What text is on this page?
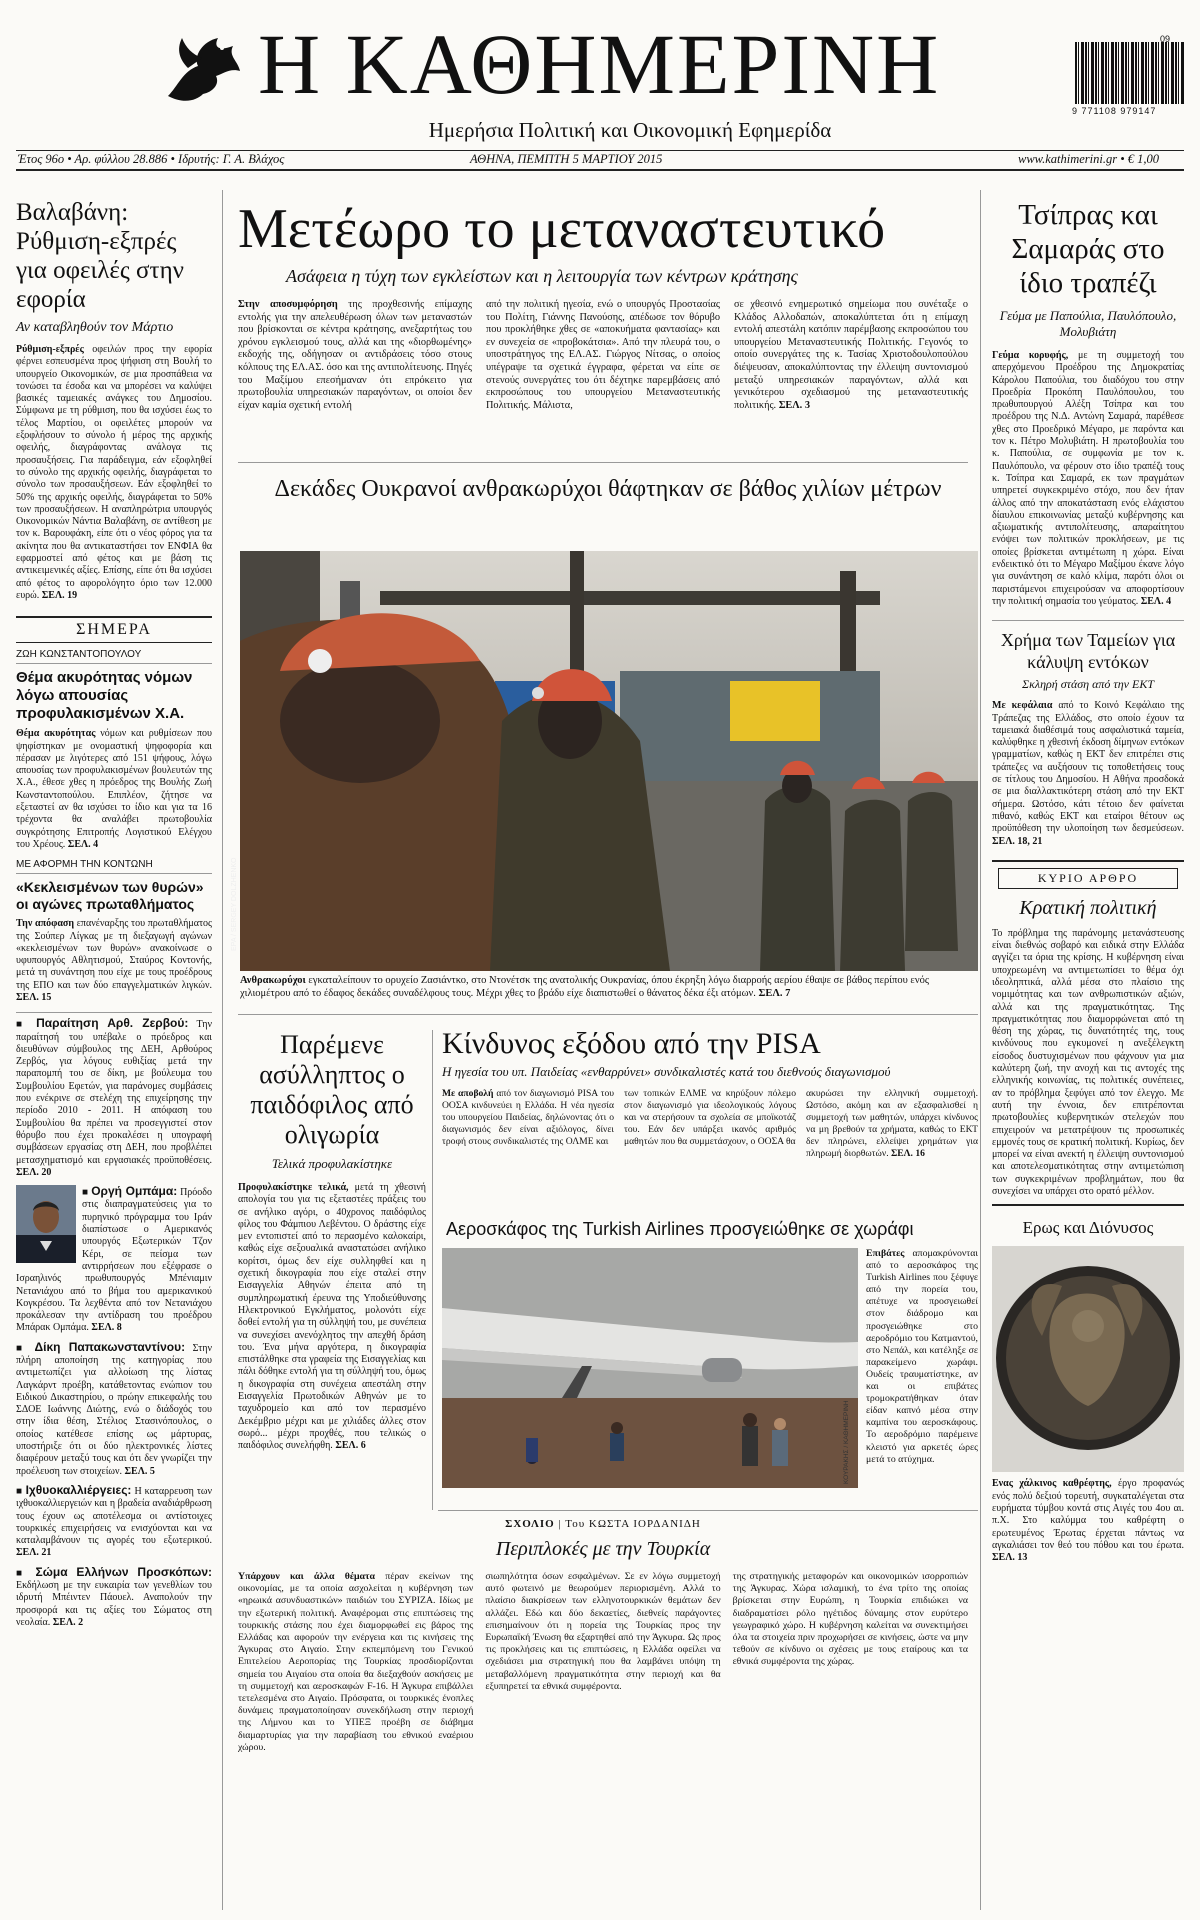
Η ΚΑΘΗΜΕΡΙΝΗ
Ημερήσια Πολιτική και Οικονομική Εφημερίδα
09
9 771108 979147
Έτος 96ο • Αρ. φύλλου 28.886 • Ιδρυτής: Γ. Α. Βλάχος	ΑΘΗΝΑ, ΠΕΜΠΤΗ 5 ΜΑΡΤΙΟΥ 2015	www.kathimerini.gr • € 1,00
Βαλαβάνη: Ρύθμιση-εξπρές για οφειλές στην εφορία
Αν καταβληθούν τον Μάρτιο

Ρύθμιση-εξπρές οφειλών προς την εφορία φέρνει εσπευσμένα προς ψήφιση στη Βουλή το υπουργείο Οικονομικών, σε μια προσπάθεια να τονώσει τα έσοδα και να μπορέσει να καλύψει βασικές ταμειακές ανάγκες του Δημοσίου. Σύμφωνα με τη ρύθμιση, που θα ισχύσει έως το τέλος Μαρτίου, οι οφειλέτες μπορούν να εξοφλήσουν το σύνολο ή μέρος της αρχικής οφειλής, διαγράφοντας ανάλογα τις προσαυξήσεις. Για παράδειγμα, εάν εξοφληθεί το σύνολο της αρχικής οφειλής, διαγράφεται το σύνολο των προσαυξήσεων. Εάν εξοφληθεί το 50% της αρχικής οφειλής, διαγράφεται το 50% των προσαυξήσεων. Η αναπληρώτρια υπουργός Οικονομικών Νάντια Βαλαβάνη, σε αντίθεση με τον κ. Βαρουφάκη, είπε ότι ο νέος φόρος για τα ακίνητα που θα αντικαταστήσει τον ΕΝΦΙΑ θα εφαρμοστεί από φέτος και με βάση τις αντικειμενικές αξίες. Επίσης, είπε ότι θα ισχύσει από φέτος το αφορολόγητο όριο των 12.000 ευρώ. ΣΕΛ. 19

ΣΗΜΕΡΑ
ΖΩΗ ΚΩΝΣΤΑΝΤΟΠΟΥΛΟΥ
Θέμα ακυρότητας νόμων λόγω απουσίας προφυλακισμένων Χ.Α.

Θέμα ακυρότητας νόμων και ρυθμίσεων που ψηφίστηκαν με ονομαστική ψηφοφορία και πέρασαν με λιγότερες από 151 ψήφους, λόγω απουσίας των προφυλακισμένων βουλευτών της Χ.Α., έθεσε χθες η πρόεδρος της Βουλής Ζωή Κωνσταντοπούλου. Επιπλέον, ζήτησε να εξεταστεί αν θα ισχύσει το ίδιο και για τα 16 τρέχοντα θα αναλάβει πρωτοβουλία συγκρότησης Επιτροπής Λογιστικού Ελέγχου του Χρέους. ΣΕΛ. 4

ΜΕ ΑΦΟΡΜΗ ΤΗΝ ΚΟΝΤΩΝΗ
«Κεκλεισμένων των θυρών» οι αγώνες πρωταθλήματος

Την απόφαση επανέναρξης του πρωταθλήματος της Σούπερ Λίγκας με τη διεξαγωγή αγώνων «κεκλεισμένων των θυρών» ανακοίνωσε ο υφυπουργός Αθλητισμού, Σταύρος Κοντονής, μετά τη συνάντηση που είχε με τους προέδρους της ΕΠΟ και των δύο επαγγελματικών λιγκών. ΣΕΛ. 15

■ Παραίτηση Αρθ. Ζερβού: Την παραίτησή του υπέβαλε ο πρόεδρος και διευθύνων σύμβουλος της ΔΕΗ, Αρθούρος Ζερβός, για λόγους ευθιξίας μετά την παραπομπή του σε δίκη, με βούλευμα του Συμβουλίου Εφετών, για παράνομες συμβάσεις που ενέκρινε σε στελέχη της επιχείρησης την περίοδο 2010 - 2011. Η απόφαση του Συμβουλίου θα πρέπει να προσεγγιστεί στον θόρυβο που έχει προκαλέσει η υπογραφή συμβάσεων εργασίας στη ΔΕΗ, που προβλέπει μετασχηματισμό και εργασιακές προϋποθέσεις. ΣΕΛ. 20

■ Οργή Ομπάμα: Πρόοδο στις διαπραγματεύσεις για το πυρηνικό πρόγραμμα του Ιράν διαπίστωσε ο Αμερικανός υπουργός Εξωτερικών Τζον Κέρι, σε πείσμα των αντιρρήσεων που εξέφρασε ο Ισραηλινός πρωθυπουργός Μπένιαμιν Νετανιάχου από το βήμα του αμερικανικού Κογκρέσου. Τα λεχθέντα από τον Νετανιάχου προκάλεσαν την αντίδραση του προέδρου Μπάρακ Ομπάμα. ΣΕΛ. 8

■ Δίκη Παπακωνσταντίνου: Στην πλήρη αποποίηση της κατηγορίας που αντιμετωπίζει για αλλοίωση της λίστας Λαγκάρντ προέβη, κατάθετοντας ενώπιον του Ειδικού Δικαστηρίου, ο πρώην επικεφαλής του ΣΔΟΕ Ιωάννης Διώτης, ενώ ο διάδοχός του στην ίδια θέση, Στέλιος Στασινόπουλος, ο οποίος κατέθεσε επίσης ως μάρτυρας, υποστήριξε ότι οι δύο ηλεκτρονικές λίστες διαφέρουν μεταξύ τους και ότι δεν γνωρίζει την προέλευση των στοιχείων. ΣΕΛ. 5

■ Ιχθυοκαλλιέργειες: Η καταρρευση των ιχθυοκαλλιεργειών και η βραδεία αναδιάρθρωση τους έχουν ως αποτέλεσμα οι αντίστοιχες τουρκικές επιχειρήσεις να ενισχύονται και να καταλαμβάνουν τις αγορές του εξωτερικού. ΣΕΛ. 21

■ Σώμα Ελλήνων Προσκόπων: Εκδήλωση με την ευκαιρία των γενεθλίων του ιδρυτή Μπέιντεν Πάουελ. Αναπολούν την προσφορά και τις αξίες του Σώματος στη νεολαία. ΣΕΛ. 2

Μετέωρο το μεταναστευτικό
Ασάφεια η τύχη των εγκλείστων και η λειτουργία των κέντρων κράτησης

Στην αποσυμφόρηση της προχθεσινής επίμαχης εντολής για την απελευθέρωση όλων των μεταναστών που βρίσκονται σε κέντρα κράτησης, ανεξαρτήτως του χρόνου εγκλεισμού τους, αλλά και της «διορθωμένης» εκδοχής της, οδήγησαν οι αντιδράσεις τόσο στους κόλπους της ΕΛ.ΑΣ. όσο και της αντιπολίτευσης. Πηγές του Μαξίμου επεσήμαναν ότι επρόκειτο για πρωτοβουλία υπηρεσιακών παραγόντων, οι οποίοι δεν είχαν καμία σχετική εντολή

από την πολιτική ηγεσία, ενώ ο υπουργός Προστασίας του Πολίτη, Γιάννης Πανούσης, απέδωσε τον θόρυβο που προκλήθηκε χθες σε «αποκυήματα φαντασίας» και εν συνεχεία σε «προβοκάτσια». Από την πλευρά του, ο υποστράτηγος της ΕΛ.ΑΣ. Γιώργος Νίτσας, ο οποίος υπέγραψε τα σχετικά έγγραφα, φέρεται να είπε σε στενούς συνεργάτες του ότι δέχτηκε παρεμβάσεις από εκπροσώπους του υπουργείου Μεταναστευτικής Πολιτικής. Μάλιστα,

σε χθεσινό ενημερωτικό σημείωμα που συνέταξε ο Κλάδος Αλλοδαπών, αποκαλύπτεται ότι η επίμαχη εντολή απεστάλη κατόπιν παρέμβασης εκπροσώπου του υπουργείου Μεταναστευτικής Πολιτικής. Γεγονός το οποίο συνεργάτες της κ. Τασίας Χριστοδουλοπούλου διέψευσαν, αποκαλύπτοντας την έλλειψη συντονισμού μεταξύ υπηρεσιακών παραγόντων, αλλά και γενικότερου σχεδιασμού της μεταναστευτικής πολιτικής. ΣΕΛ. 3

Δεκάδες Ουκρανοί ανθρακωρύχοι θάφτηκαν σε βάθος χιλίων μέτρων
EPA / SERGEY DOLZHENKO

Ανθρακωρύχοι εγκαταλείπουν το ορυχείο Ζασιάντκο, στο Ντονέτσκ της ανατολικής Ουκρανίας, όπου έκρηξη λόγω διαρροής αερίου έθαψε σε βάθος περίπου ενός χιλιομέτρου από το έδαφος δεκάδες συναδέλφους τους. Μέχρι χθες το βράδυ είχε διαπιστωθεί ο θάνατος δέκα έξι ατόμων. ΣΕΛ. 7

Παρέμενε ασύλληπτος ο παιδόφιλος από ολιγωρία
Τελικά προφυλακίστηκε

Προφυλακίστηκε τελικά, μετά τη χθεσινή απολογία του για τις εξεταστέες πράξεις του σε ανήλικο αγόρι, ο 40χρονος παιδόφιλος φίλος του Φάμπιου Λεβέντου. Ο δράστης είχε μεν εντοπιστεί από το περασμένο καλοκαίρι, καθώς είχε σεξουαλικά αναστατώσει ανήλικο κορίτσι, όμως δεν είχε συλληφθεί και η σχετική δικογραφία που είχε σταλεί στην Εισαγγελία Αθηνών έπειτα από τη συμπληρωματική έρευνα της Υποδιεύθυνσης Ηλεκτρονικού Εγκλήματος, μολονότι είχε δοθεί εντολή για τη σύλληψή του, με συνέπεια να συνεχίσει ανενόχλητος την απεχθή δράση του. Ένα μήνα αργότερα, η δικογραφία επιστάλθηκε στα γραφεία της Εισαγγελίας και πάλι δόθηκε εντολή για τη σύλληψή του, όμως η δικογραφία στη συνέχεια απεστάλη στην Εισαγγελία Πρωτοδικών Αθηνών με το ταχυδρομείο και από τον περασμένο Δεκέμβριο μέχρι και με χιλιάδες άλλες στον σωρό... μέχρι προχθές, που τελικώς ο παιδόφιλος συνελήφθη. ΣΕΛ. 6

Κίνδυνος εξόδου από την PISA
Η ηγεσία του υπ. Παιδείας «ενθαρρύνει» συνδικαλιστές κατά του διεθνούς διαγωνισμού

Με αποβολή από τον διαγωνισμό PISA του ΟΟΣΑ κινδυνεύει η Ελλάδα. Η νέα ηγεσία του υπουργείου Παιδείας, δηλώνοντας ότι ο διαγωνισμός δεν είναι αξιόλογος, δίνει τροφή στους συνδικαλιστές της ΟΛΜΕ και

των τοπικών ΕΛΜΕ να κηρύξουν πόλεμο στον διαγωνισμό για ιδεολογικούς λόγους και να στερήσουν τα σχολεία σε μποϊκοτάζ του. Εάν δεν υπάρξει ικανός αριθμός μαθητών που θα συμμετάσχουν, ο ΟΟΣΑ θα

ακυρώσει την ελληνική συμμετοχή. Ωστόσο, ακόμη και αν εξασφαλισθεί η συμμετοχή των μαθητών, υπάρχει κίνδυνος να μη βρεθούν τα χρήματα, καθώς το ΕΚΤ δεν πληρώνει, ελλείψει χρημάτων για πληρωμή διορθωτών. ΣΕΛ. 16

Αεροσκάφος της Turkish Airlines προσγειώθηκε σε χωράφι
ΚΟΥΡΑΚΗΣ / ΚΑΘΗΜΕΡΙΝΗ

Επιβάτες απομακρύνονται από το αεροσκάφος της Turkish Airlines που ξέφυγε από την πορεία του, απέτυχε να προσγειωθεί στον διάδρομο και προσγειώθηκε στο αεροδρόμιο του Κατμαντού, στο Νεπάλ, και κατέληξε σε παρακείμενο χωράφι. Ουδείς τραυματίστηκε, αν και οι επιβάτες τρομοκρατήθηκαν όταν είδαν καπνό μέσα στην καμπίνα του αεροσκάφους. Το αεροδρόμιο παρέμεινε κλειστό για αρκετές ώρες μετά το ατύχημα.

ΣΧΟΛΙΟ | Του ΚΩΣΤΑ ΙΟΡΔΑΝΙΔΗ
Περιπλοκές με την Τουρκία

Υπάρχουν και άλλα θέματα πέραν εκείνων της οικονομίας, με τα οποία ασχολείται η κυβέρνηση των «ηρωικά ασυνδυαστικών» παιδιών του ΣΥΡΙΖΑ. Ιδίως με την εξωτερική πολιτική. Αναφέρομαι στις επιπτώσεις της τουρκικής στάσης που έχει διαμορφωθεί εις βάρος της Ελλάδας και αφορούν την ενέργεια και τις κινήσεις της Άγκυρας στο Αιγαίο. Στην εκπεμπόμενη του Γενικού Επιτελείου Αεροπορίας της Τουρκίας προσδιορίζονται σημεία του Αιγαίου στα οποία θα διεξαχθούν ασκήσεις με τη συμμετοχή και αεροσκαφών F-16. Η Άγκυρα επιβάλλει τετελεσμένα στο Αιγαίο. Πρόσφατα, οι τουρκικές ένοπλες δυνάμεις πραγματοποίησαν συνεκδήλωση στην περιοχή της Λήμνου και το ΥΠΕΞ προέβη σε διάβημα διαμαρτυρίας για την παραβίαση του εθνικού εναέριου χώρου.

σιωπηλότητα όσων εσφαλμένων. Σε εν λόγω συμμετοχή αυτό φωτεινό με θεωρούμεν περιορισμένη. Αλλά το πλαίσιο διακρίσεων των ελληνοτουρκικών θεμάτων δεν αλλάζει. Εδώ και δύο δεκαετίες, διεθνείς παράγοντες επισημαίνουν ότι η πορεία της Τουρκίας προς την Ευρωπαϊκή Ένωση θα εξαρτηθεί από την Άγκυρα. Ως προς τις προκλήσεις και τις επιπτώσεις, η Ελλάδα οφείλει να σχεδιάσει μια στρατηγική που θα λαμβάνει υπόψη τη μεταβαλλόμενη πραγματικότητα στην περιοχή και θα εξυπηρετεί τα εθνικά συμφέροντα.

της στρατηγικής μεταφορών και οικονομικών ισορροπιών της Άγκυρας. Χώρα ισλαμική, το ένα τρίτο της οποίας βρίσκεται στην Ευρώπη, η Τουρκία επιδιώκει να διαδραματίσει ρόλο ηγέτιδος δύναμης στον ευρύτερο γεωγραφικό χώρο. Η κυβέρνηση καλείται να συνεκτιμήσει όλα τα στοιχεία πριν προχωρήσει σε κινήσεις, ώστε να μην τεθούν σε κίνδυνο οι σχέσεις με τους εταίρους και τα εθνικά συμφέροντα της χώρας.

Τσίπρας και Σαμαράς στο ίδιο τραπέζι
Γεύμα με Παπούλια, Παυλόπουλο, Μολυβιάτη

Γεύμα κορυφής, με τη συμμετοχή του απερχόμενου Προέδρου της Δημοκρατίας Κάρολου Παπούλια, του διαδόχου του στην Προεδρία Προκόπη Παυλόπουλου, του πρωθυπουργού Αλέξη Τσίπρα και του προέδρου της Ν.Δ. Αντώνη Σαμαρά, παρέθεσε χθες στο Προεδρικό Μέγαρο, με παρόντα και τον κ. Πέτρο Μολυβιάτη. Η πρωτοβουλία του κ. Παπούλια, σε συμφωνία με τον κ. Παυλόπουλο, να φέρουν στο ίδιο τραπέζι τους κ. Τσίπρα και Σαμαρά, εκ των πραγμάτων υπηρετεί συγκεκριμένο στόχο, που δεν ήταν άλλος από την αποκατάσταση ενός ελάχιστου δίαυλου επικοινωνίας μεταξύ κυβέρνησης και αξιωματικής αντιπολίτευσης, απαραίτητου ενόψει των πολιτικών προκλήσεων, με τις οποίες βρίσκεται αντιμέτωπη η χώρα. Είναι ενδεικτικό ότι το Μέγαρο Μαξίμου έκανε λόγο για συνάντηση σε καλό κλίμα, παρότι όλοι οι παριστάμενοι επιχειρούσαν να αποφορτίσουν την πολιτική σημασία του γεύματος. ΣΕΛ. 4

Χρήμα των Ταμείων για κάλυψη εντόκων
Σκληρή στάση από την ΕΚΤ

Με κεφάλαια από το Κοινό Κεφάλαιο της Τράπεζας της Ελλάδος, στο οποίο έχουν τα ταμειακά διαθέσιμά τους ασφαλιστικά ταμεία, καλύφθηκε η χθεσινή έκδοση δίμηνων εντόκων γραμματίων, καθώς η ΕΚΤ δεν επιτρέπει στις τράπεζες να αυξήσουν τις τοποθετήσεις τους σε τίτλους του Δημοσίου. Η Αθήνα προσδοκά σε μια διαλλακτικότερη στάση από την ΕΚΤ σήμερα. Ωστόσο, κάτι τέτοιο δεν φαίνεται πιθανό, καθώς ΕΚΤ και εταίροι θέτουν ως προϋπόθεση την υλοποίηση των δεσμεύσεων. ΣΕΛ. 18, 21

ΚΥΡΙΟ ΑΡΘΡΟ
Κρατική πολιτική

Το πρόβλημα της παράνομης μετανάστευσης είναι διεθνώς σοβαρό και ειδικά στην Ελλάδα αγγίζει τα όρια της κρίσης. Η κυβέρνηση είναι υποχρεωμένη να αντιμετωπίσει το θέμα όχι ιδεοληπτικά, αλλά μέσα στο πλαίσιο της νομιμότητας και των ανθρωπιστικών αξιών, αλλά και της πραγματικότητας. Της πραγματικότητας που διαμορφώνεται από τη θέση της χώρας, τις δυνατότητές της, τους κινδύνους που εγκυμονεί η ανεξέλεγκτη είσοδος δυστυχισμένων που φάχνουν για μια καλύτερη ζωή, την ανοχή και τις αντοχές της ελληνικής κοινωνίας, τις πολιτικές συνέπειες, αν το πρόβλημα ξεφύγει από τον έλεγχο. Με αυτή την έννοια, δεν επιτρέπονται πρωτοβουλίες κυβερνητικών στελεχών που επιχειρούν να μετατρέψουν τις προσωπικές εμμονές τους σε κρατική πολιτική. Κυρίως, δεν μπορεί να είναι ανεκτή η έλλειψη συντονισμού και αποτελεσματικότητας στην αντιμετώπιση των συγκεκριμένων προβλημάτων, που θα συνεχίσει να υπάρχει στο ορατό μέλλον.

Ερως και Διόνυσος

Ενας χάλκινος καθρέφτης, έργο προφανώς ενός πολύ δεξιού τορευτή, συγκαταλέγεται στα ευρήματα τύμβου κοντά στις Αιγές του 4ου αι. π.Χ. Στο καλύμμα του καθρέφτη ο ερωτευμένος Έρωτας έρχεται πάντως να αγκαλιάσει τον θεό του πόθου και του έρωτα. ΣΕΛ. 13
